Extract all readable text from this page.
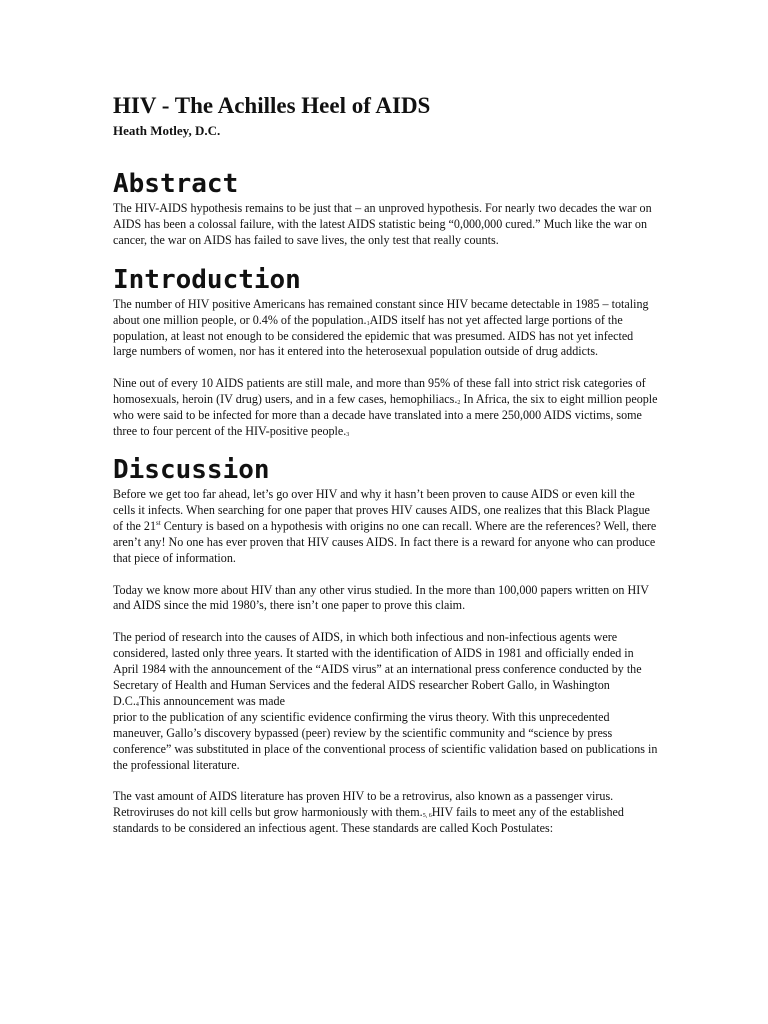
HIV - The Achilles Heel of AIDS
Heath Motley, D.C.
Abstract

The HIV-AIDS hypothesis remains to be just that – an unproved hypothesis. For nearly two decades the war on AIDS has been a colossal failure, with the latest AIDS statistic being “0,000,000 cured.” Much like the war on cancer, the war on AIDS has failed to save lives, the only test that really counts.

Introduction

The number of HIV positive Americans has remained constant since HIV became detectable in 1985 – totaling about one million people, or 0.4% of the population.$^1$AIDS itself has not yet affected large portions of the population, at least not enough to be considered the epidemic that was presumed. AIDS has not yet infected large numbers of women, nor has it entered into the heterosexual population outside of drug addicts.

Nine out of every 10 AIDS patients are still male, and more than 95% of these fall into strict risk categories of homosexuals, heroin (IV drug) users, and in a few cases, hemophiliacs.$^2$ In Africa, the six to eight million people who were said to be infected for more than a decade have translated into a mere 250,000 AIDS victims, some three to four percent of the HIV-positive people.$^3$

Discussion

Before we get too far ahead, let’s go over HIV and why it hasn’t been proven to cause AIDS or even kill the cells it infects. When searching for one paper that proves HIV causes AIDS, one realizes that this Black Plague of the 21st Century is based on a hypothesis with origins no one can recall. Where are the references? Well, there aren’t any! No one has ever proven that HIV causes AIDS. In fact there is a reward for anyone who can produce that piece of information.

Today we know more about HIV than any other virus studied. In the more than 100,000 papers written on HIV and AIDS since the mid 1980’s, there isn’t one paper to prove this claim.

The period of research into the causes of AIDS, in which both infectious and non-infectious agents were considered, lasted only three years. It started with the identification of AIDS in 1981 and officially ended in April 1984 with the announcement of the “AIDS virus” at an international press conference conducted by the Secretary of Health and Human Services and the federal AIDS researcher Robert Gallo, in Washington D.C.$^4$This announcement was made
prior to the publication of any scientific evidence confirming the virus theory. With this unprecedented maneuver, Gallo’s discovery bypassed (peer) review by the scientific community and “science by press conference” was substituted in place of the conventional process of scientific validation based on publications in the professional literature.

The vast amount of AIDS literature has proven HIV to be a retrovirus, also known as a passenger virus. Retroviruses do not kill cells but grow harmoniously with them.$^{5, 6}$HIV fails to meet any of the established standards to be considered an infectious agent. These standards are called Koch Postulates:
